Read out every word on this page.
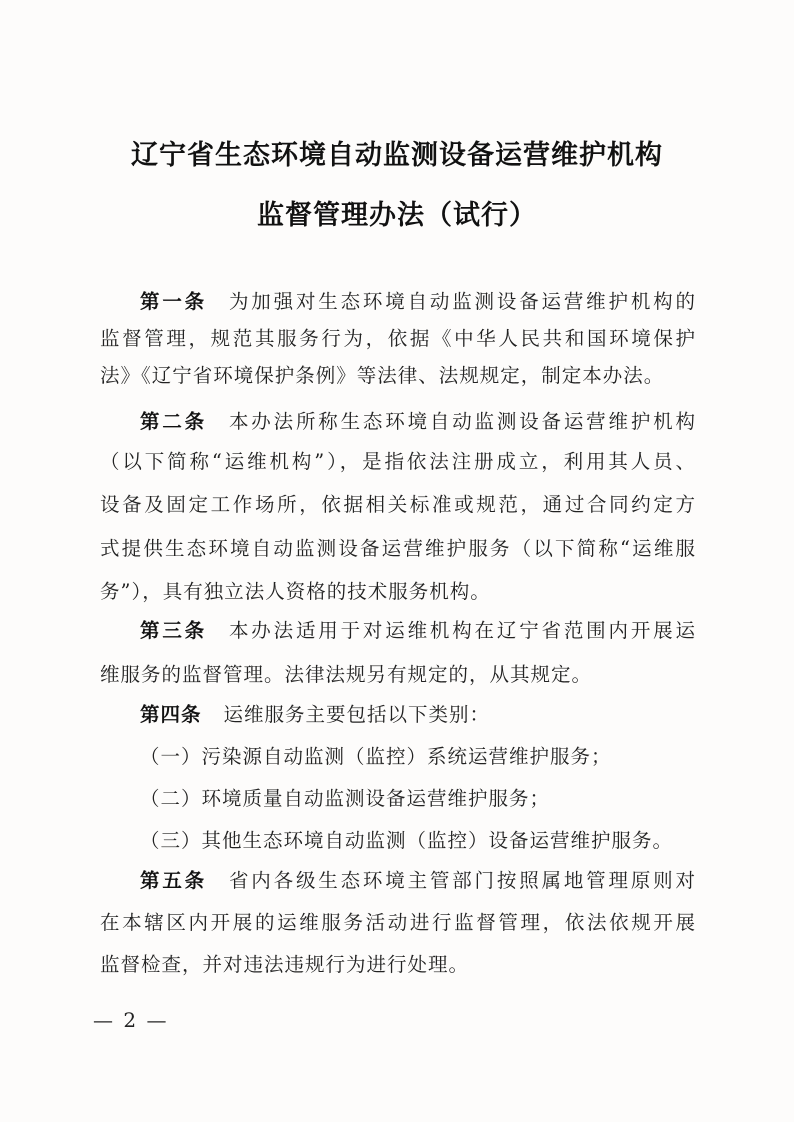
辽宁省生态环境自动监测设备运营维护机构
监督管理办法（试行）
第一条 为加强对生态环境自动监测设备运营维护机构的
监督管理，规范其服务行为，依据《中华人民共和国环境保护
法》《辽宁省环境保护条例》等法律、法规规定，制定本办法。
第二条 本办法所称生态环境自动监测设备运营维护机构
（以下简称“运维机构”），是指依法注册成立，利用其人员、
设备及固定工作场所，依据相关标准或规范，通过合同约定方
式提供生态环境自动监测设备运营维护服务（以下简称“运维服
务”），具有独立法人资格的技术服务机构。
第三条 本办法适用于对运维机构在辽宁省范围内开展运
维服务的监督管理。法律法规另有规定的，从其规定。
第四条 运维服务主要包括以下类别：
（一）污染源自动监测（监控）系统运营维护服务；
（二）环境质量自动监测设备运营维护服务；
（三）其他生态环境自动监测（监控）设备运营维护服务。
第五条 省内各级生态环境主管部门按照属地管理原则对
在本辖区内开展的运维服务活动进行监督管理，依法依规开展
监督检查，并对违法违规行为进行处理。
— 2 —
